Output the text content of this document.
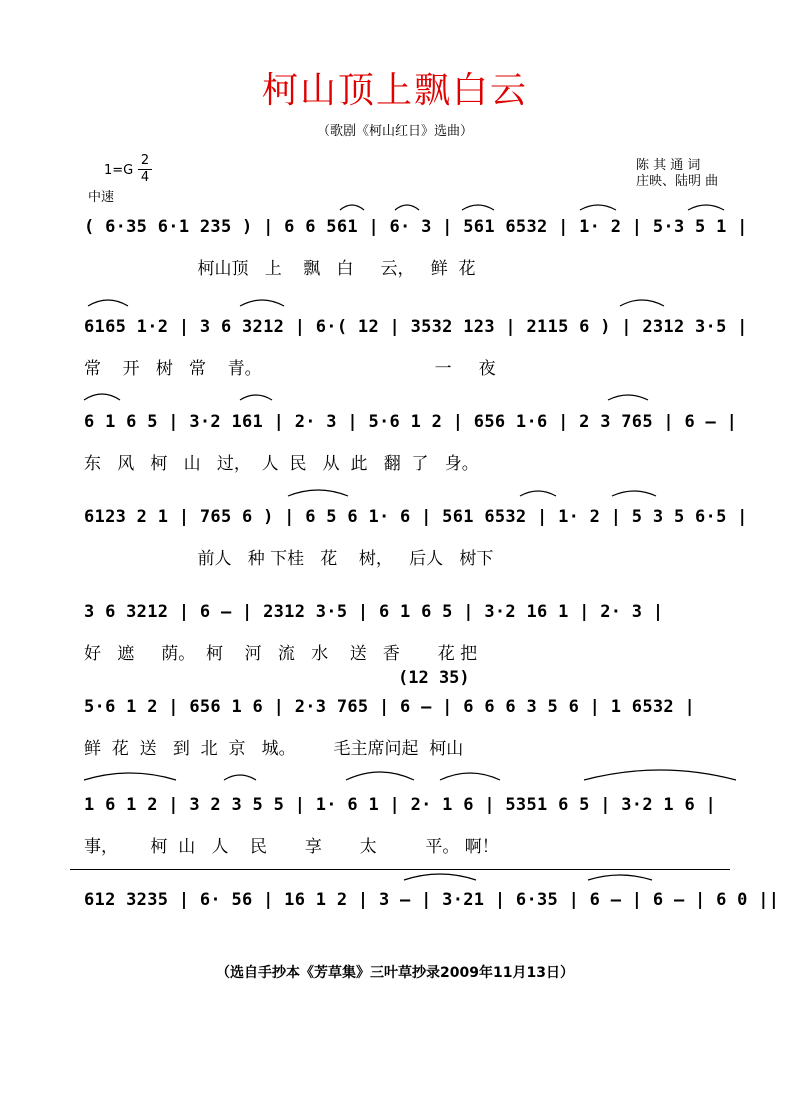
柯山顶上飘白云
（歌剧《柯山红日》选曲）
1=G
2
4
中速
陈 其 通 词
庄映、陆明 曲
( 6·35 6·1 235 ) | 6 6 561 | 6· 3 | 561 6532 | 1· 2 | 5·3 5 1 |
柯山顶   上    飘   白     云，   鲜  花
6165 1·2 | 3 6 3212 | 6·( 12 | 3532 123 | 2115 6 ) | 2312 3·5 |
常    开   树   常    青。                                一     夜
6 1 6 5 | 3·2 161 | 2· 3 | 5·6 1 2 | 656 1·6 | 2 3 765 | 6 — |
东   风   柯   山   过，  人  民   从  此   翻  了   身。
6123 2 1 | 765 6 ) | 6 5 6 1· 6 | 561 6532 | 1· 2 | 5 3 5 6·5 |
前人   种 下桂   花    树，   后人   树下
3 6 3212 | 6 — | 2312 3·5 | 6 1 6 5 | 3·2 16 1 | 2· 3 |
好   遮     荫。  柯    河   流   水    送   香       花 把
(12 35)
5·6 1 2 | 656 1 6 | 2·3 765 | 6 — | 6 6 6 3 5 6 | 1 6532 |
鲜  花  送   到  北  京   城。       毛主席问起  柯山
1 6 1 2 | 3 2 3 5 5 | 1· 6 1 | 2· 1 6 | 5351 6 5 | 3·2 1 6 |
事，      柯  山   人    民       享       太         平。 啊！
612 3235 | 6· 56 | 16 1 2 | 3 — | 3·21 | 6·35 | 6 — | 6 — | 6 0 ||
（选自手抄本《芳草集》三叶草抄录2009年11月13日）
